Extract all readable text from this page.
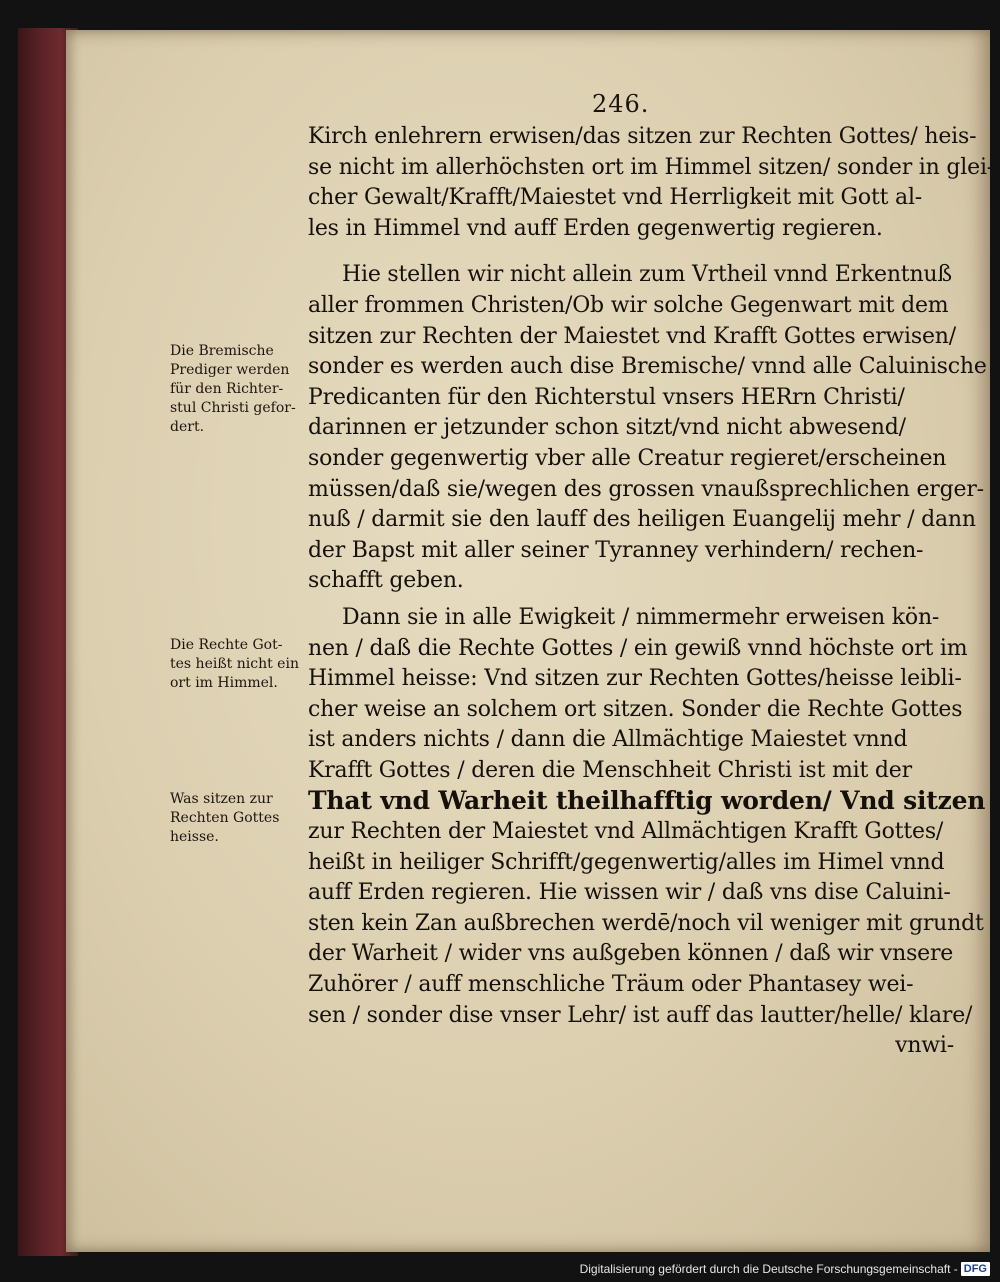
246.
Kirch enlehrern erwisen/das sitzen zur Rechten Gottes/ heis-
se nicht im allerhöchsten ort im Himmel sitzen/ sonder in glei-
cher Gewalt/Krafft/Maiestet vnd Herrligkeit mit Gott al-
les in Himmel vnd auff Erden gegenwertig regieren.
Hie stellen wir nicht allein zum Vrtheil vnnd Erkentnuß
aller frommen Christen/Ob wir solche Gegenwart mit dem
sitzen zur Rechten der Maiestet vnd Krafft Gottes erwisen/
sonder es werden auch dise Bremische/ vnnd alle Caluinische
Predicanten für den Richterstul vnsers HERrn Christi/
darinnen er jetzunder schon sitzt/vnd nicht abwesend/
sonder gegenwertig vber alle Creatur regieret/erscheinen
müssen/daß sie/wegen des grossen vnaußsprechlichen erger-
nuß / darmit sie den lauff des heiligen Euangelij mehr / dann
der Bapst mit aller seiner Tyranney verhindern/ rechen-
schafft geben.
Dann sie in alle Ewigkeit / nimmermehr erweisen kön-
nen / daß die Rechte Gottes / ein gewiß vnnd höchste ort im
Himmel heisse: Vnd sitzen zur Rechten Gottes/heisse leibli-
cher weise an solchem ort sitzen. Sonder die Rechte Gottes
ist anders nichts / dann die Allmächtige Maiestet vnnd
Krafft Gottes / deren die Menschheit Christi ist mit der
That vnd Warheit theilhafftig worden/ Vnd sitzen
zur Rechten der Maiestet vnd Allmächtigen Krafft Gottes/
heißt in heiliger Schrifft/gegenwertig/alles im Himel vnnd
auff Erden regieren. Hie wissen wir / daß vns dise Caluini-
sten kein Zan außbrechen werdē/noch vil weniger mit grundt
der Warheit / wider vns außgeben können / daß wir vnsere
Zuhörer / auff menschliche Träum oder Phantasey wei-
sen / sonder dise vnser Lehr/ ist auff das lautter/helle/ klare/
vnwi-
Die Bremische
Prediger werden
für den Richter-
stul Christi gefor-
dert.
Die Rechte Got-
tes heißt nicht ein
ort im Himmel.
Was sitzen zur
Rechten Gottes
heisse.
Digitalisierung gefördert durch die Deutsche Forschungsgemeinschaft - DFG
